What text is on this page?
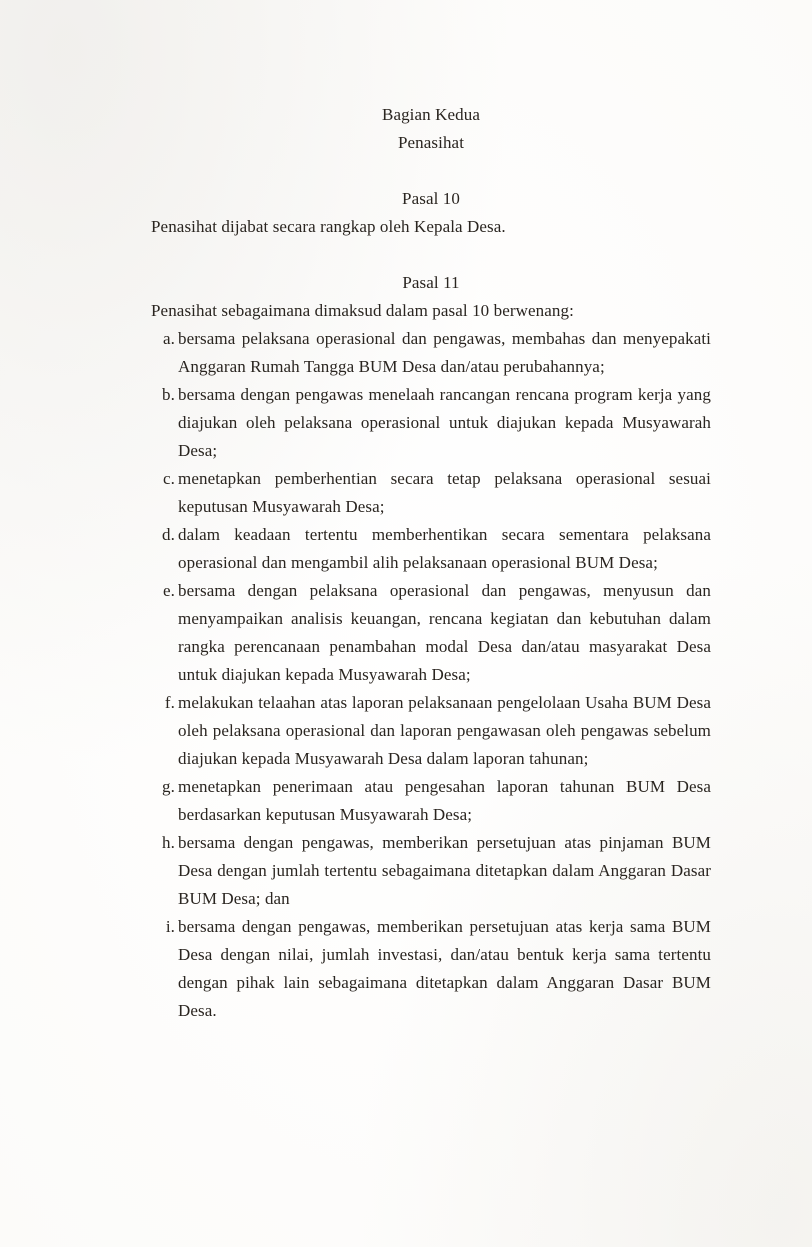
Bagian Kedua
Penasihat
Pasal 10
Penasihat dijabat secara rangkap oleh Kepala Desa.
Pasal 11
Penasihat sebagaimana dimaksud dalam pasal 10 berwenang:
a. bersama pelaksana operasional dan pengawas, membahas dan menyepakati Anggaran Rumah Tangga BUM Desa dan/atau perubahannya;
b. bersama dengan pengawas menelaah rancangan rencana program kerja yang diajukan oleh pelaksana operasional untuk diajukan kepada Musyawarah Desa;
c. menetapkan pemberhentian secara tetap pelaksana operasional sesuai keputusan Musyawarah Desa;
d. dalam keadaan tertentu memberhentikan secara sementara pelaksana operasional dan mengambil alih pelaksanaan operasional BUM Desa;
e. bersama dengan pelaksana operasional dan pengawas, menyusun dan menyampaikan analisis keuangan, rencana kegiatan dan kebutuhan dalam rangka perencanaan penambahan modal Desa dan/atau masyarakat Desa untuk diajukan kepada Musyawarah Desa;
f. melakukan telaahan atas laporan pelaksanaan pengelolaan Usaha BUM Desa oleh pelaksana operasional dan laporan pengawasan oleh pengawas sebelum diajukan kepada Musyawarah Desa dalam laporan tahunan;
g. menetapkan penerimaan atau pengesahan laporan tahunan BUM Desa berdasarkan keputusan Musyawarah Desa;
h. bersama dengan pengawas, memberikan persetujuan atas pinjaman BUM Desa dengan jumlah tertentu sebagaimana ditetapkan dalam Anggaran Dasar BUM Desa; dan
i. bersama dengan pengawas, memberikan persetujuan atas kerja sama BUM Desa dengan nilai, jumlah investasi, dan/atau bentuk kerja sama tertentu dengan pihak lain sebagaimana ditetapkan dalam Anggaran Dasar BUM Desa.
